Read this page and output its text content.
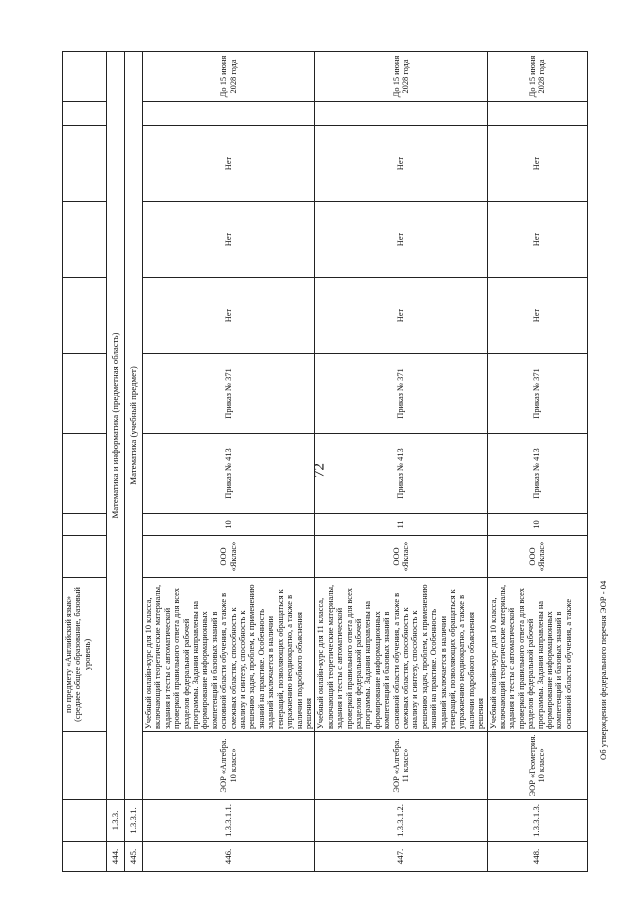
72
			по предмету «Английский язык» (среднее общее образование, базовый уровень)									
444.	1.3.3.	Математика и информатика (предметная область)										
445.	1.3.3.1.	Математика (учебный предмет)										
446.	1.3.3.1.1.	ЭОР «Алгебра. 10 класс»	Учебный онлайн-курс для 10 класса, включающий теоретические материалы, задания и тесты с автоматической проверкой правильного ответа для всех разделов федеральной рабочей программы. Задания направлены на формирование информационных компетенций и базовых знаний в основной области обучения, а также в смежных областях, способность к анализу и синтезу, способность к решению задач, проблем, к применению знаний на практике. Особенность заданий заключается в наличии генераций, позволяющих обращаться к упражнению неоднократно, а также в наличии подробного объяснения решения	ООО «Яклас»	10	Приказ № 413	Приказ № 371	Нет	Нет	Нет		До 15 июня 2028 года
447.	1.3.3.1.2.	ЭОР «Алгебра. 11 класс»	Учебный онлайн-курс для 11 класса, включающий теоретические материалы, задания и тесты с автоматической проверкой правильного ответа для всех разделов федеральной рабочей программы. Задания направлены на формирование информационных компетенций и базовых знаний в основной области обучения, а также в смежных областях, способность к анализу и синтезу, способность к решению задач, проблем, к применению знаний на практике. Особенность заданий заключается в наличии генераций, позволяющих обращаться к упражнению неоднократно, а также в наличии подробного объяснения решения	ООО «Яклас»	11	Приказ № 413	Приказ № 371	Нет	Нет	Нет		До 15 июня 2028 года
448.	1.3.3.1.3.	ЭОР «Геометрия. 10 класс»	Учебный онлайн-курс для 10 класса, включающий теоретические материалы, задания и тесты с автоматической проверкой правильного ответа для всех разделов федеральной рабочей программы. Задания направлены на формирование информационных компетенций и базовых знаний в основной области обучения, а также	ООО «Яклас»	10	Приказ № 413	Приказ № 371	Нет	Нет	Нет		До 15 июня 2028 года
Об утверждении федерального перечня ЭОР - 04
